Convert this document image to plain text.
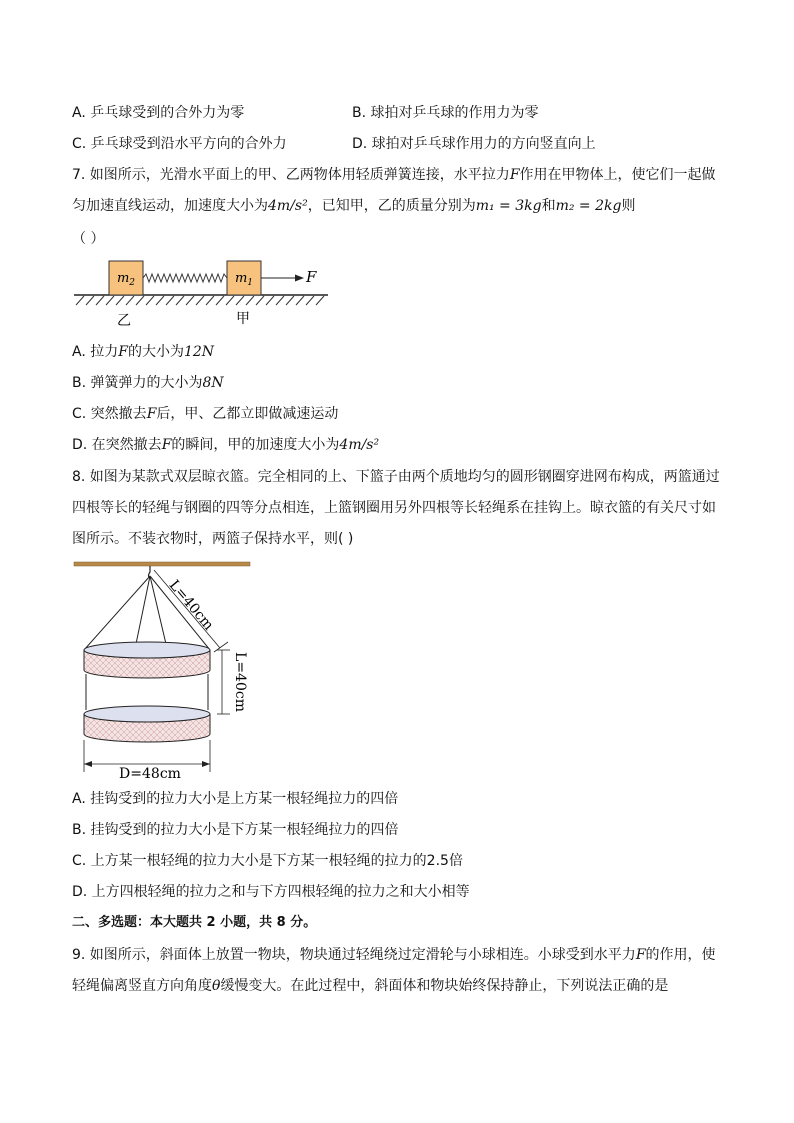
A. 乒乓球受到的合外力为零	B. 球拍对乒乓球的作用力为零
C. 乒乓球受到沿水平方向的合外力	D. 球拍对乒乓球作用力的方向竖直向上
7. 如图所示，光滑水平面上的甲、乙两物体用轻质弹簧连接，水平拉力F作用在甲物体上，使它们一起做
匀加速直线运动，加速度大小为4m/s²，已知甲，乙的质量分别为m₁ = 3kg和m₂ = 2kg则
（ ）
$m_2$	$m_1$	F
乙	甲
A. 拉力F的大小为12N
B. 弹簧弹力的大小为8N
C. 突然撤去F后，甲、乙都立即做减速运动
D. 在突然撤去F的瞬间，甲的加速度大小为4m/s²
8. 如图为某款式双层晾衣篮。完全相同的上、下篮子由两个质地均匀的圆形钢圈穿进网布构成，两篮通过
四根等长的轻绳与钢圈的四等分点相连，上篮钢圈用另外四根等长轻绳系在挂钩上。晾衣篮的有关尺寸如
图所示。不装衣物时，两篮子保持水平，则( )
L=40cm
L=40cm
D=48cm
A. 挂钩受到的拉力大小是上方某一根轻绳拉力的四倍
B. 挂钩受到的拉力大小是下方某一根轻绳拉力的四倍
C. 上方某一根轻绳的拉力大小是下方某一根轻绳的拉力的2.5倍
D. 上方四根轻绳的拉力之和与下方四根轻绳的拉力之和大小相等
二、多选题：本大题共 2 小题，共 8 分。
9. 如图所示，斜面体上放置一物块，物块通过轻绳绕过定滑轮与小球相连。小球受到水平力F的作用，使
轻绳偏离竖直方向角度θ缓慢变大。在此过程中，斜面体和物块始终保持静止，下列说法正确的是
